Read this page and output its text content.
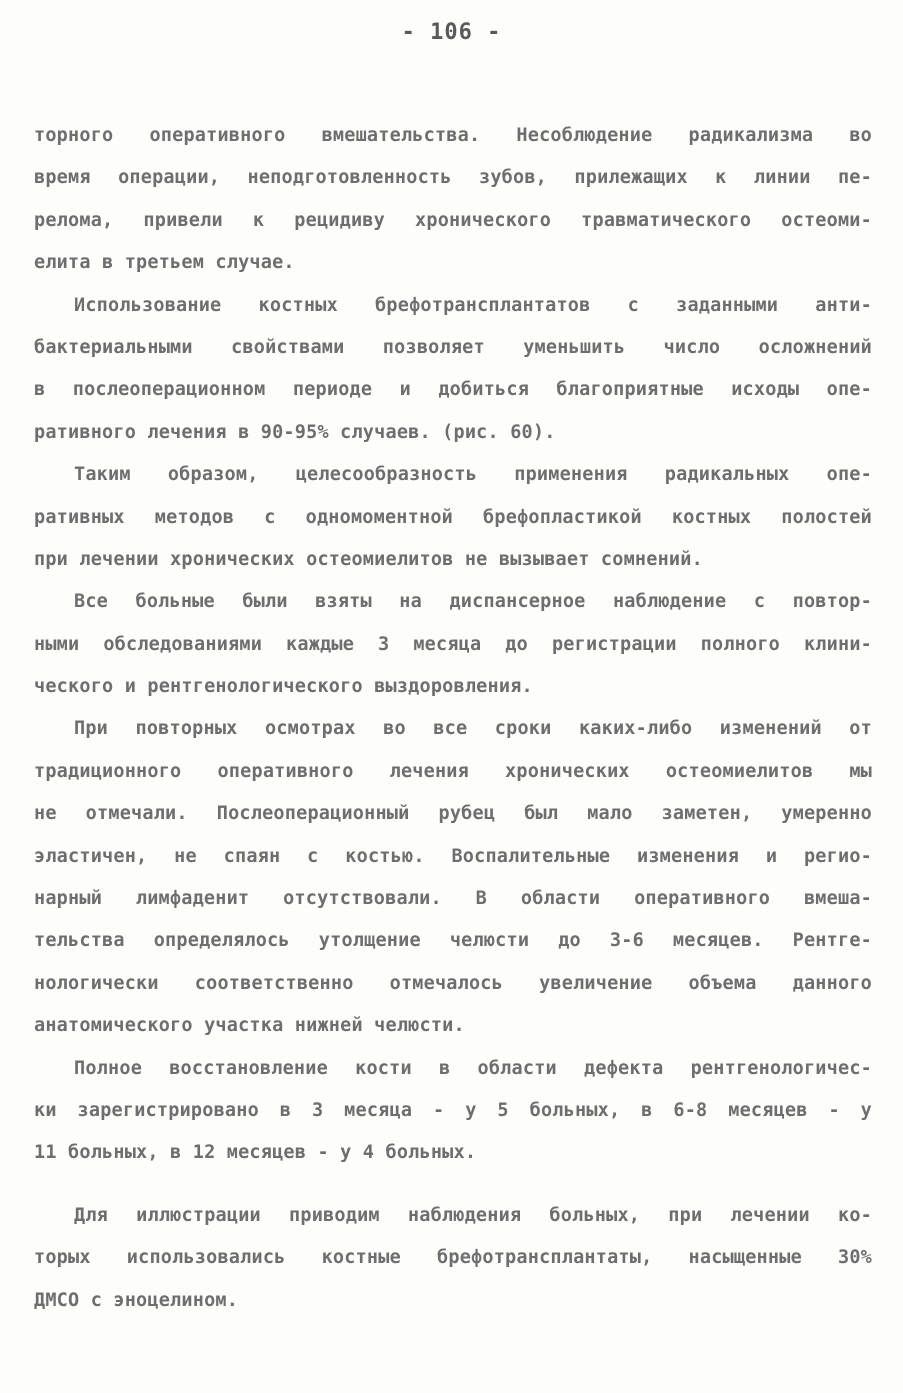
- 106 -
торного оперативного вмешательства. Несоблюдение радикализма во
время операции, неподготовленность зубов, прилежащих к линии пе-
релома, привели к рецидиву хронического травматического остеоми-
елита в третьем случае.
Использование костных брефотрансплантатов с заданными анти-
бактериальными свойствами позволяет уменьшить число осложнений
в послеоперационном периоде и добиться благоприятные исходы опе-
ративного лечения в 90-95% случаев. (рис. 60).
Таким образом, целесообразность применения радикальных опе-
ративных методов с одномоментной брефопластикой костных полостей
при лечении хронических остеомиелитов не вызывает сомнений.
Все больные были взяты на диспансерное наблюдение с повтор-
ными обследованиями каждые 3 месяца до регистрации полного клини-
ческого и рентгенологического выздоровления.
При повторных осмотрах во все сроки каких-либо изменений от
традиционного оперативного лечения хронических остеомиелитов мы
не отмечали. Послеоперационный рубец был мало заметен, умеренно
эластичен, не спаян с костью. Воспалительные изменения и регио-
нарный лимфаденит отсутствовали. В области оперативного вмеша-
тельства определялось утолщение челюсти до 3-6 месяцев. Рентге-
нологически соответственно отмечалось увеличение объема данного
анатомического участка нижней челюсти.
Полное восстановление кости в области дефекта рентгенологичес-
ки зарегистрировано в 3 месяца - у 5 больных, в 6-8 месяцев - у
11 больных, в 12 месяцев - у 4 больных.
Для иллюстрации приводим наблюдения больных, при лечении ко-
торых использовались костные брефотрансплантаты, насыщенные 30%
ДМСО с эноцелином.
